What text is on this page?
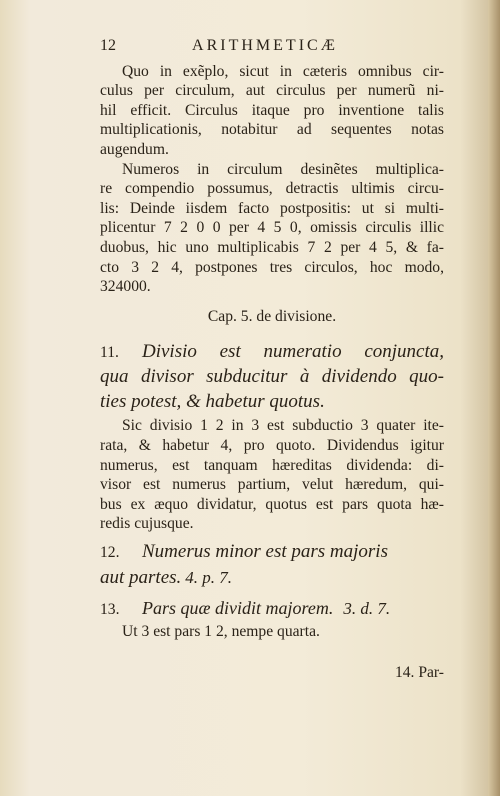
12	ARITHMETICÆ

Quo in exẽplo, sicut in cæteris omnibus cir-
culus per circulum, aut circulus per numerũ ni-
hil efficit. Circulus itaque pro inventione talis
multiplicationis, notabitur ad sequentes notas
augendum.

Numeros in circulum desinẽtes multiplica-
re compendio possumus, detractis ultimis circu-
lis: Deinde iisdem facto postpositis: ut si multi-
plicentur 7 2 0 0 per 4 5 0, omissis circulis illic
duobus, hic uno multiplicabis 7 2 per 4 5, & fa-
cto 3 2 4, postpones tres circulos, hoc modo,
324000.

Cap. 5. de divisione.
11.	Divisio est numeratio conjuncta,
qua divisor subducitur à dividendo quo-
ties potest, & habetur quotus.

Sic divisio 1 2 in 3 est subductio 3 quater ite-
rata, & habetur 4, pro quoto. Dividendus igitur
numerus, est tanquam hæreditas dividenda: di-
visor est numerus partium, velut hæredum, qui-
bus ex æquo dividatur, quotus est pars quota hæ-
redis cujusque.

12.	Numerus minor est pars majoris
aut partes. 4. p. 7.
13.	Pars quæ dividit majorem. 3. d. 7.

Ut 3 est pars 1 2, nempe quarta.

14. Par-
